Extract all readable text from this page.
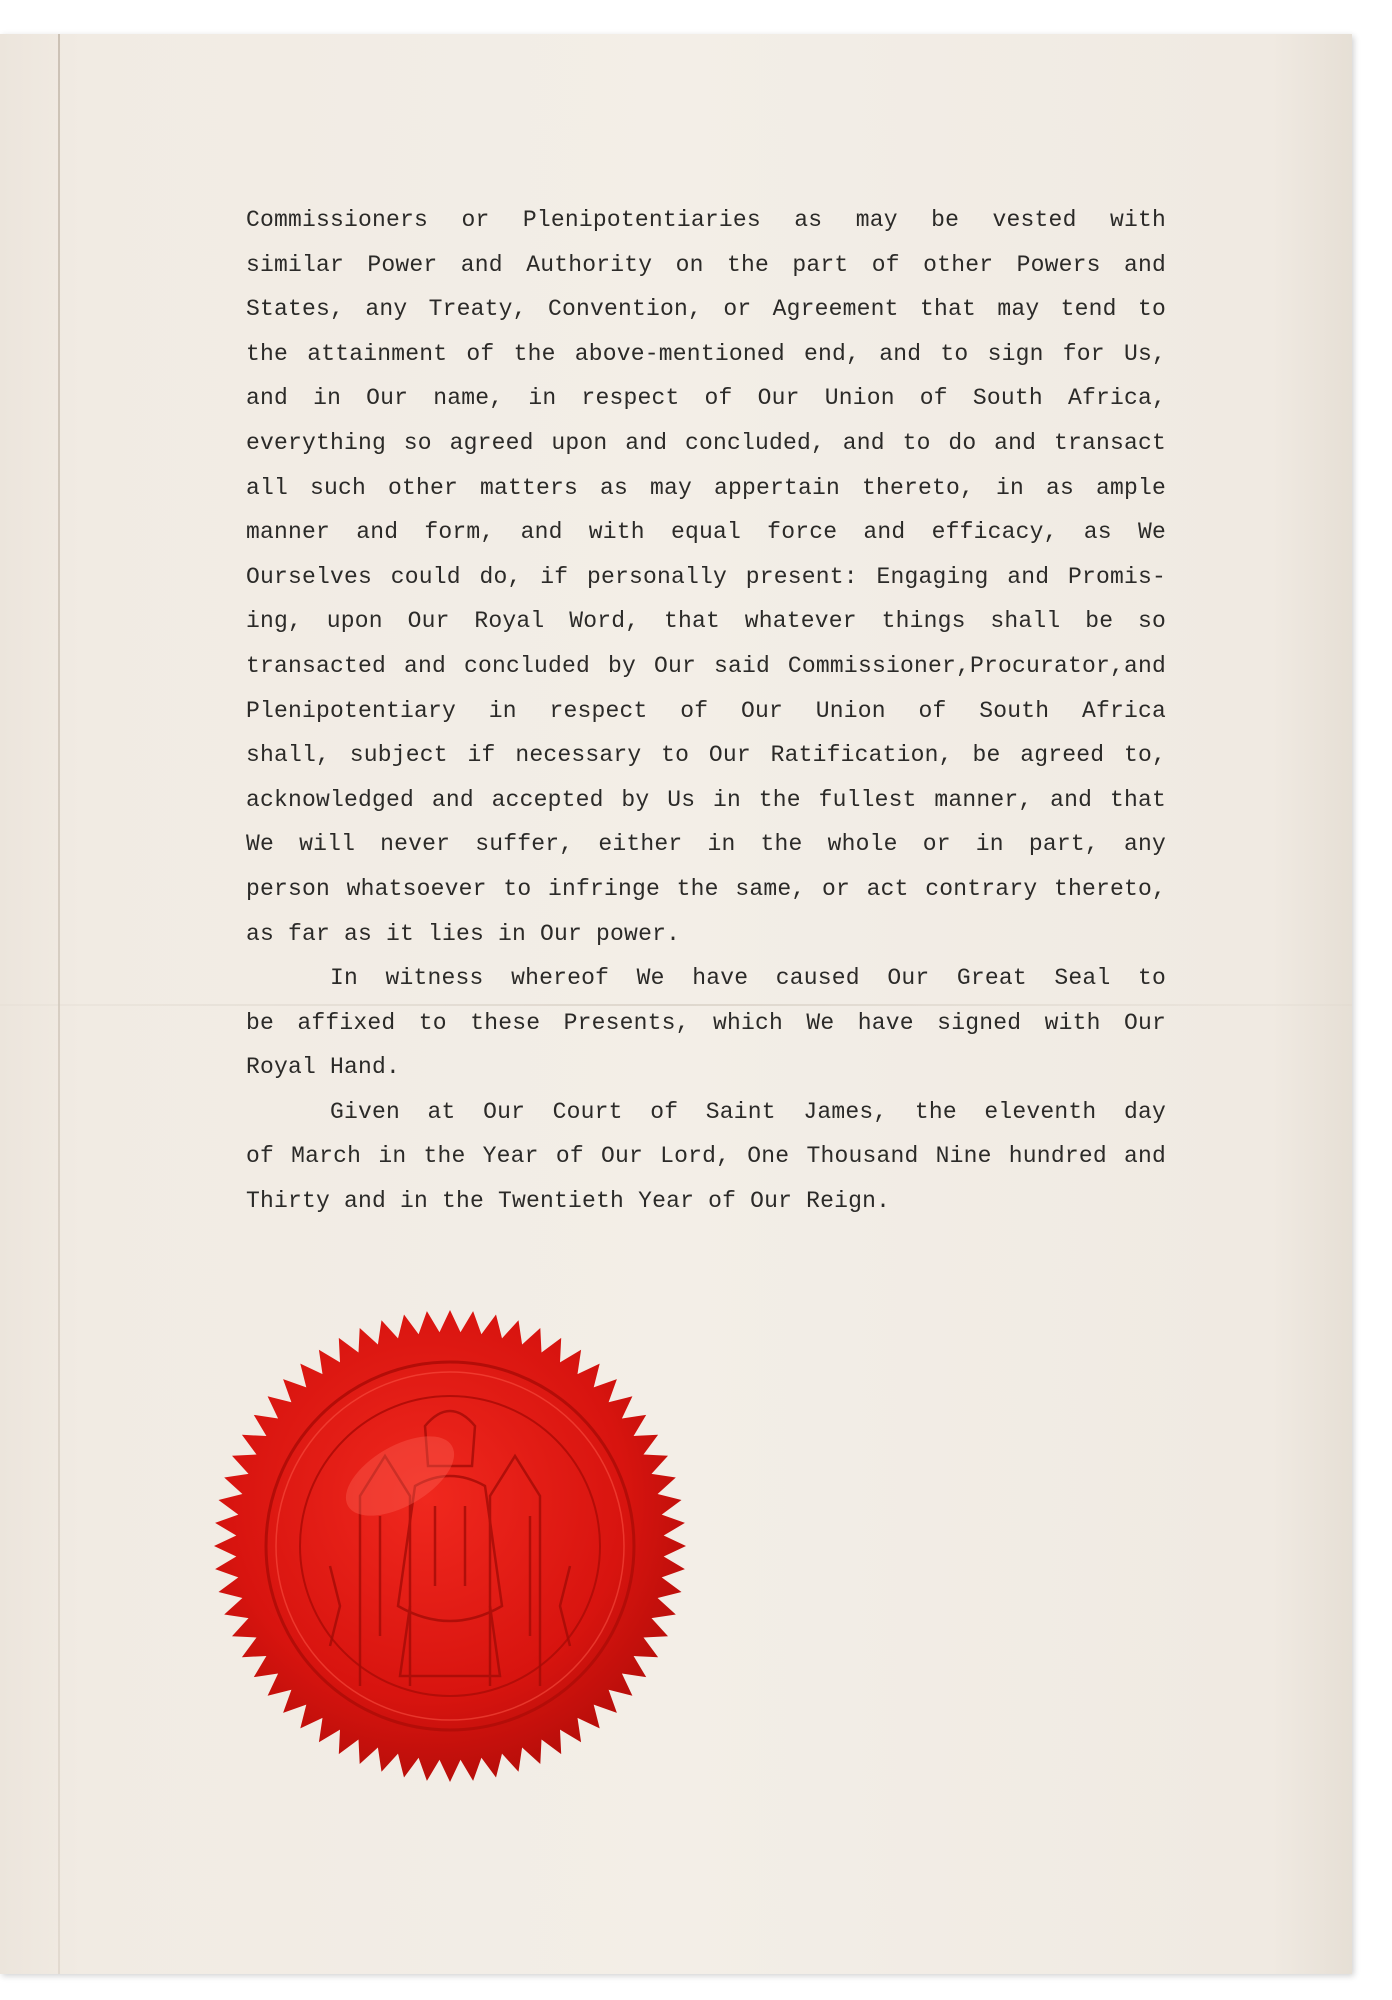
Commissioners or Plenipotentiaries as may be vested with
similar Power and Authority on the part of other Powers and
States, any Treaty, Convention, or Agreement that may tend to
the attainment of the above-mentioned end, and to sign for Us,
and in Our name, in respect of Our Union of South Africa,
everything so agreed upon and concluded, and to do and transact
all such other matters as may appertain thereto, in as ample
manner and form, and with equal force and efficacy, as We
Ourselves could do, if personally present: Engaging and Promis-
ing, upon Our Royal Word, that whatever things shall be so
transacted and concluded by Our said Commissioner,Procurator,and
Plenipotentiary in respect of Our Union of South Africa
shall, subject if necessary to Our Ratification, be agreed to,
acknowledged and accepted by Us in the fullest manner, and that
We will never suffer, either in the whole or in part, any
person whatsoever to infringe the same, or act contrary thereto,
as far as it lies in Our power.
In witness whereof We have caused Our Great Seal to
be affixed to these Presents, which We have signed with Our
Royal Hand.
Given at Our Court of Saint James, the eleventh day
of March in the Year of Our Lord, One Thousand Nine hundred and
Thirty and in the Twentieth Year of Our Reign.
